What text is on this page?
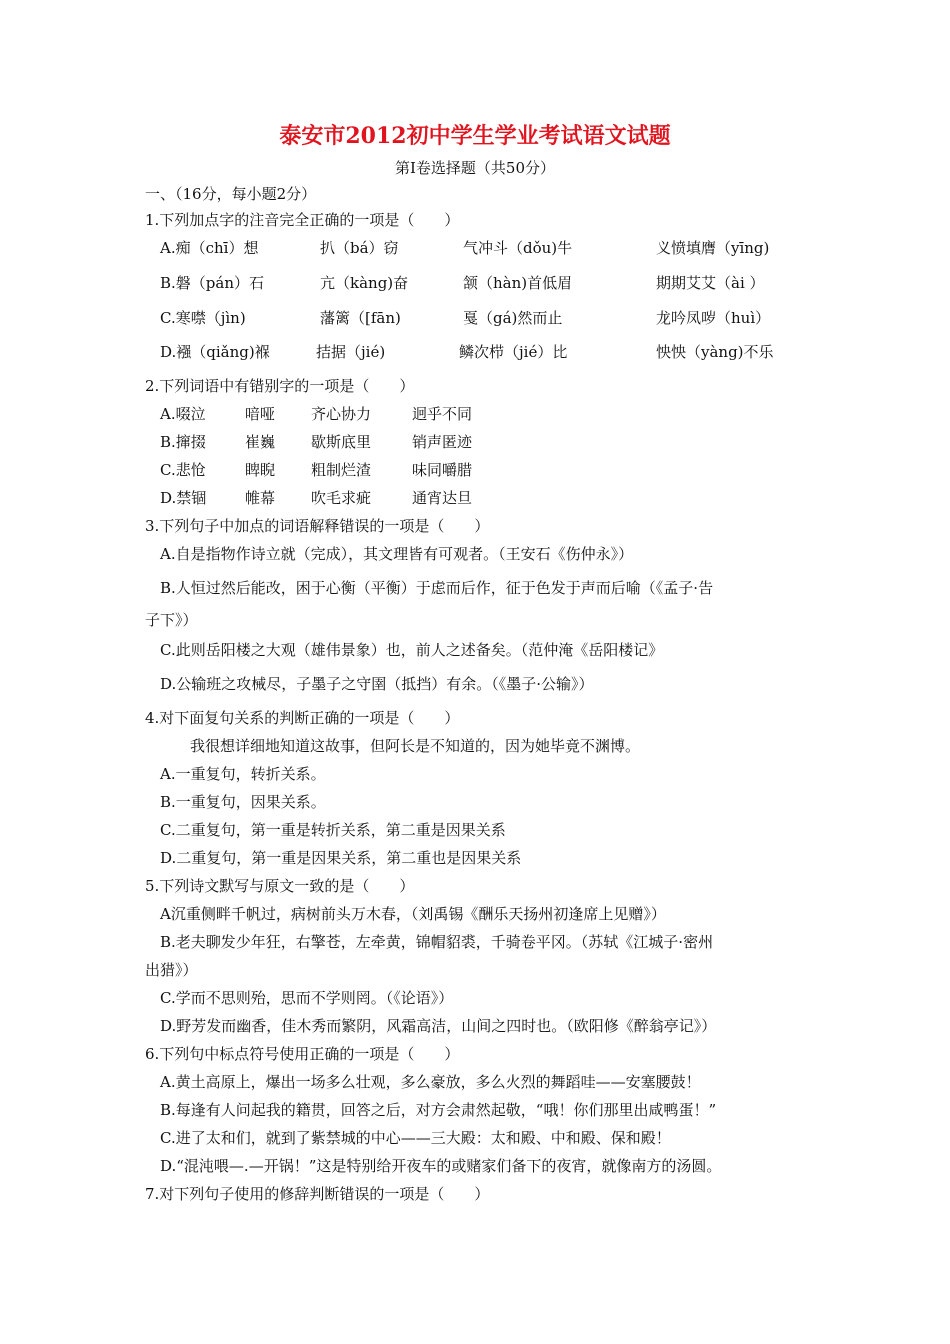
泰安市2012初中学生学业考试语文试题
第Ⅰ卷选择题（共50分）
一、（16分，每小题2分）
1.下列加点字的注音完全正确的一项是（　　）
A.痴（chī）想	扒（bá）窃	气冲斗（dǒu)牛	义愤填膺（yīng)
B.磐（pán）石	亢（kàng)奋	颔（hàn)首低眉	期期艾艾（ài ）
C.寒噤（jìn)	藩篱（[fān)	戛（gá)然而止	龙吟凤哕（huì）
D.襁（qiǎng)褓	拮据（jié)	鳞次栉（jié）比	怏怏（yàng)不乐
2.下列词语中有错别字的一项是（　　）
A.啜泣	喑哑 齐心协力	迥乎不同
B.撺掇	崔巍 歇斯底里	销声匿迹
C.悲怆	睥睨 粗制烂渣	味同嚼腊
D.禁锢	帷幕 吹毛求疵	通宵达旦
3.下列句子中加点的词语解释错误的一项是（　　）
A.自是指物作诗立就（完成），其文理皆有可观者。（王安石《伤仲永》）
B.人恒过然后能改，困于心衡（平衡）于虑而后作，征于色发于声而后喻（《孟子·告
子下》）
C.此则岳阳楼之大观（雄伟景象）也，前人之述备矣。（范仲淹《岳阳楼记》
D.公输班之攻械尽，子墨子之守圉（抵挡）有余。（《墨子·公输》）
4.对下面复句关系的判断正确的一项是（　　）
我很想详细地知道这故事，但阿长是不知道的，因为她毕竟不渊博。
A.一重复句，转折关系。
B.一重复句，因果关系。
C.二重复句，第一重是转折关系，第二重是因果关系
D.二重复句，第一重是因果关系，第二重也是因果关系
5.下列诗文默写与原文一致的是（　　）
A沉重侧畔千帆过，病树前头万木春，（刘禹锡《酬乐天扬州初逢席上见赠》）
B.老夫聊发少年狂，右擎苍，左牵黄，锦帽貂裘，千骑卷平冈。（苏轼《江城子·密州
出猎》）
C.学而不思则殆，思而不学则罔。（《论语》）
D.野芳发而幽香，佳木秀而繁阴，风霜高洁，山间之四时也。（欧阳修《醉翁亭记》）
6.下列句中标点符号使用正确的一项是（　　）
A.黄土高原上，爆出一场多么壮观，多么豪放，多么火烈的舞蹈哇——安塞腰鼓！
B.每逢有人问起我的籍贯，回答之后，对方会肃然起敬，“哦！你们那里出咸鸭蛋！”
C.进了太和们，就到了紫禁城的中心——三大殿：太和殿、中和殿、保和殿！
D.“混沌喂—.—开锅！”这是特别给开夜车的或赌家们备下的夜宵，就像南方的汤圆。
7.对下列句子使用的修辞判断错误的一项是（　　）
